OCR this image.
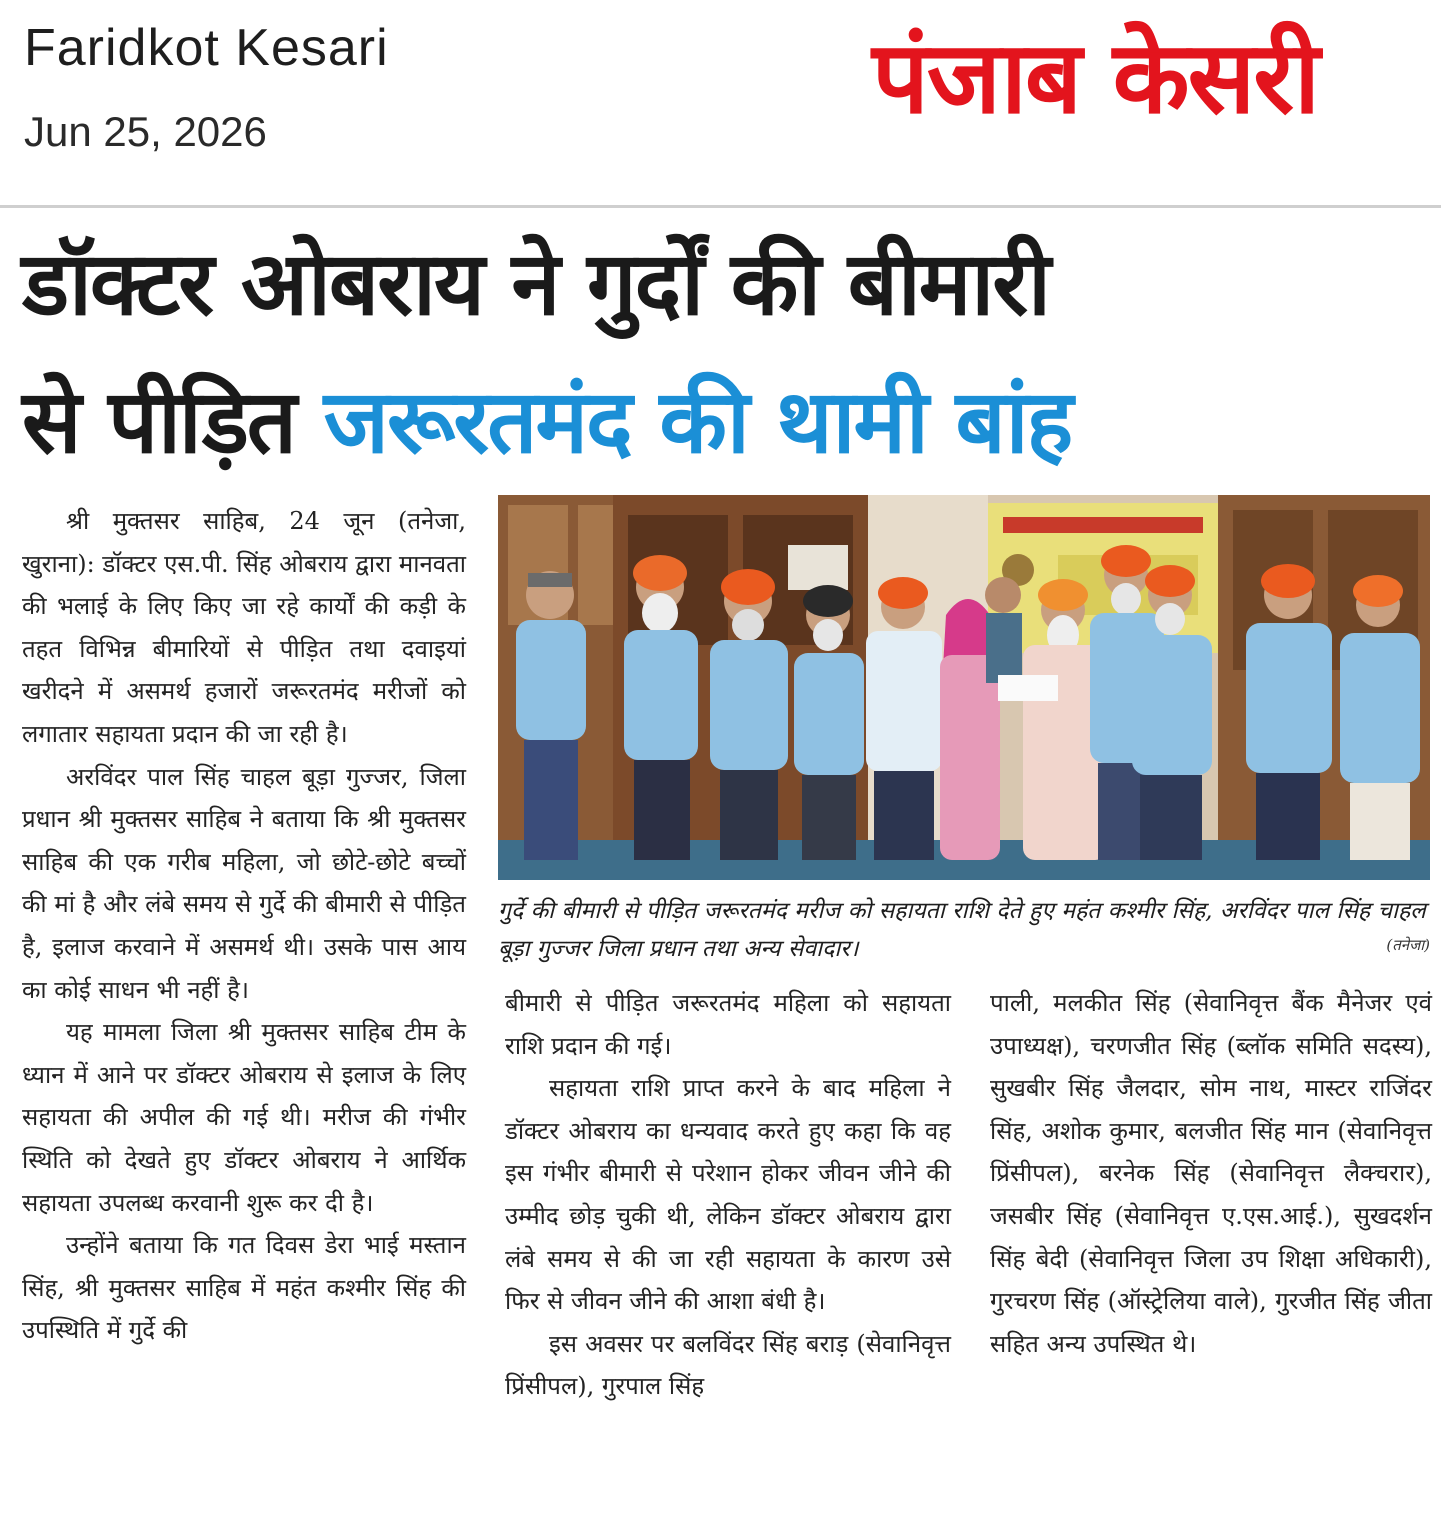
Faridkot Kesari
Jun 25, 2026	पंजाब केसरी
डॉक्टर ओबराय ने गुर्दों की बीमारी
से पीड़ित जरूरतमंद की थामी बांह

श्री मुक्तसर साहिब, 24 जून (तनेजा, खुराना): डॉक्टर एस.पी. सिंह ओबराय द्वारा मानवता की भलाई के लिए किए जा रहे कार्यों की कड़ी के तहत विभिन्न बीमारियों से पीड़ित तथा दवाइयां खरीदने में असमर्थ हजारों जरूरतमंद मरीजों को लगातार सहायता प्रदान की जा रही है।

अरविंदर पाल सिंह चाहल बूड़ा गुज्जर, जिला प्रधान श्री मुक्तसर साहिब ने बताया कि श्री मुक्तसर साहिब की एक गरीब महिला, जो छोटे-छोटे बच्चों की मां है और लंबे समय से गुर्दे की बीमारी से पीड़ित है, इलाज करवाने में असमर्थ थी। उसके पास आय का कोई साधन भी नहीं है।

यह मामला जिला श्री मुक्तसर साहिब टीम के ध्यान में आने पर डॉक्टर ओबराय से इलाज के लिए सहायता की अपील की गई थी। मरीज की गंभीर स्थिति को देखते हुए डॉक्टर ओबराय ने आर्थिक सहायता उपलब्ध करवानी शुरू कर दी है।

उन्होंने बताया कि गत दिवस डेरा भाई मस्तान सिंह, श्री मुक्तसर साहिब में महंत कश्मीर सिंह की उपस्थिति में गुर्दे की

गुर्दे की बीमारी से पीड़ित जरूरतमंद मरीज को सहायता राशि देते हुए महंत कश्मीर सिंह, अरविंदर पाल सिंह चाहल बूड़ा गुज्जर जिला प्रधान तथा अन्य सेवादार।	(तनेजा)

बीमारी से पीड़ित जरूरतमंद महिला को सहायता राशि प्रदान की गई।

सहायता राशि प्राप्त करने के बाद महिला ने डॉक्टर ओबराय का धन्यवाद करते हुए कहा कि वह इस गंभीर बीमारी से परेशान होकर जीवन जीने की उम्मीद छोड़ चुकी थी, लेकिन डॉक्टर ओबराय द्वारा लंबे समय से की जा रही सहायता के कारण उसे फिर से जीवन जीने की आशा बंधी है।

इस अवसर पर बलविंदर सिंह बराड़ (सेवानिवृत्त प्रिंसीपल), गुरपाल सिंह

पाली, मलकीत सिंह (सेवानिवृत्त बैंक मैनेजर एवं उपाध्यक्ष), चरणजीत सिंह (ब्लॉक समिति सदस्य), सुखबीर सिंह जैलदार, सोम नाथ, मास्टर राजिंदर सिंह, अशोक कुमार, बलजीत सिंह मान (सेवानिवृत्त प्रिंसीपल), बरनेक सिंह (सेवानिवृत्त लैक्चरार), जसबीर सिंह (सेवानिवृत्त ए.एस.आई.), सुखदर्शन सिंह बेदी (सेवानिवृत्त जिला उप शिक्षा अधिकारी), गुरचरण सिंह (ऑस्ट्रेलिया वाले), गुरजीत सिंह जीता सहित अन्य उपस्थित थे।
